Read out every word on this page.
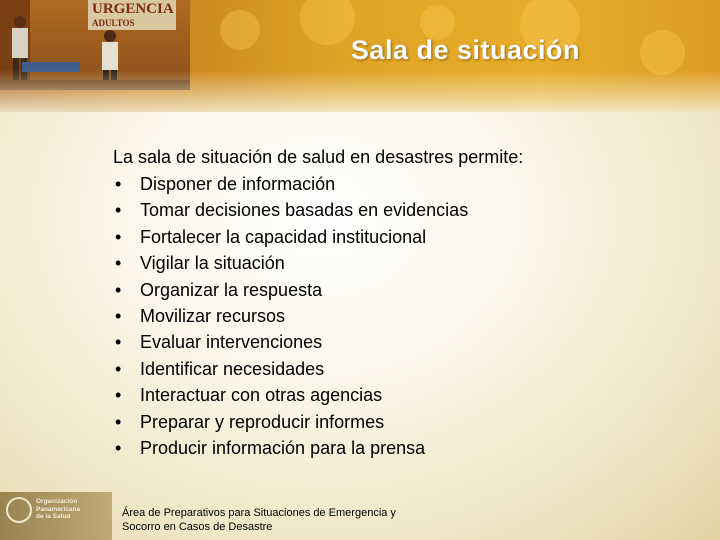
URGENCIA
ADULTOS
Sala de situación
La sala de situación de salud en desastres permite:
• Disponer de información
• Tomar decisiones basadas en evidencias
• Fortalecer la capacidad institucional
• Vigilar la situación
• Organizar la respuesta
• Movilizar recursos
• Evaluar intervenciones
• Identificar necesidades
• Interactuar con otras agencias
• Preparar y reproducir informes
• Producir información para la prensa
Organización
Panamericana
de la Salud	Área de Preparativos para Situaciones de Emergencia y
Socorro en Casos de Desastre
